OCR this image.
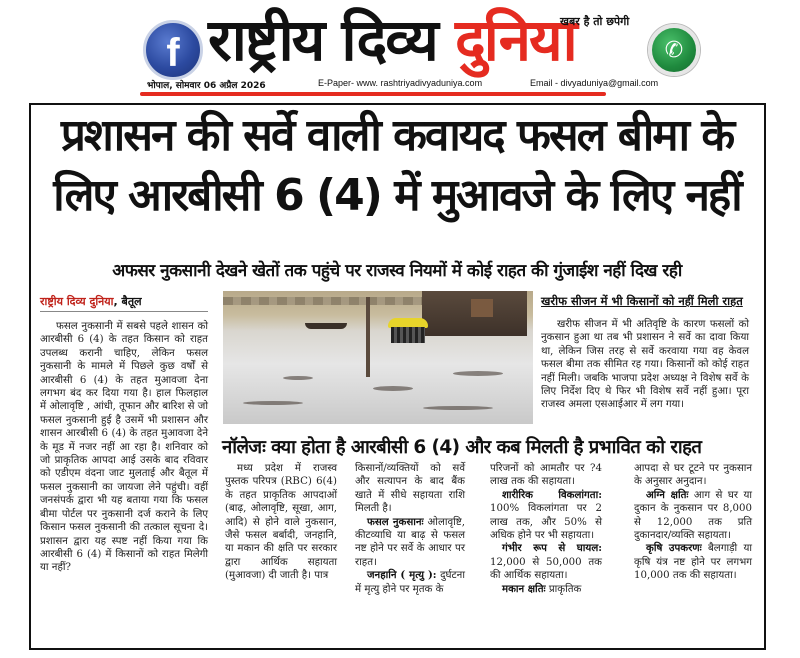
f राष्ट्रीय दिव्य दुनिया
खबर है तो छपेगी
✆
भोपाल, सोमवार 06 अप्रैल 2026	E-Paper- www. rashtriyadivyaduniya.com	Email - divyaduniya@gmail.com
प्रशासन की सर्वे वाली कवायद फसल बीमा के लिए आरबीसी 6 (4) में मुआवजे के लिए नहीं
अफसर नुकसानी देखने खेतों तक पहुंचे पर राजस्व नियमों में कोई राहत की गुंजाईश नहीं दिख रही
राष्ट्रीय दिव्य दुनिया, बैतूल
फसल नुकसानी में सबसे पहले शासन को आरबीसी 6 (4) के तहत किसान को राहत उपलब्ध करानी चाहिए, लेकिन फसल नुकसानी के मामले में पिछले कुछ वर्षों से आरबीसी 6 (4) के तहत मुआवजा देना लगभग बंद कर दिया गया है। हाल फिलहाल में ओलावृष्टि , आंधी, तूफान और बारिश से जो फसल नुकसानी हुई है उसमें भी प्रशासन और शासन आरबीसी 6 (4) के तहत मुआवजा देने के मूड में नजर नहीं आ रहा है। शनिवार को जो प्राकृतिक आपदा आई उसके बाद रविवार को एडीएम वंदना जाट मुलताई और बैतूल में फसल नुकसानी का जायजा लेने पहुंची। वहीं जनसंपर्क द्वारा भी यह बताया गया कि फसल बीमा पोर्टल पर नुकसानी दर्ज कराने के लिए किसान फसल नुकसानी की तत्काल सूचना दे। प्रशासन द्वारा यह स्पष्ट नहीं किया गया कि आरबीसी 6 (4) में किसानों को राहत मिलेगी या नहीं?
खरीफ सीजन में भी किसानों को नहीं मिली राहत
खरीफ सीजन में भी अतिवृष्टि के कारण फसलों को नुकसान हुआ था तब भी प्रशासन ने सर्वे का दावा किया था, लेकिन जिस तरह से सर्वे करवाया गया वह केवल फसल बीमा तक सीमित रह गया। किसानों को कोई राहत नहीं मिली। जबकि भाजपा प्रदेश अध्यक्ष ने विशेष सर्वे के लिए निर्देश दिए थे फिर भी विशेष सर्वे नहीं हुआ। पूरा राजस्व अमला एसआईआर में लग गया।
नॉलेजः क्या होता है आरबीसी 6 (4) और कब मिलती है प्रभावित को राहत
मध्य प्रदेश में राजस्व पुस्तक परिपत्र (RBC) 6(4) के तहत प्राकृतिक आपदाओं (बाढ़, ओलावृष्टि, सूखा, आग, आदि) से होने वाले नुकसान, जैसे फसल बर्बादी, जनहानि, या मकान की क्षति पर सरकार द्वारा आर्थिक सहायता (मुआवजा) दी जाती है। पात्र

किसानों/व्यक्तियों को सर्वे और सत्यापन के बाद बैंक खाते में सीधे सहायता राशि मिलती है।

फसल नुकसानः ओलावृष्टि, कीटव्याधि या बाढ़ से फसल नष्ट होने पर सर्वे के आधार पर राहत।

जनहानि ( मृत्यु ): दुर्घटना में मृत्यु होने पर मृतक के

परिजनों को आमतौर पर ?4 लाख तक की सहायता।

शारीरिक विकलांगता: 100% विकलांगता पर 2 लाख तक, और 50% से अधिक होने पर भी सहायता।

गंभीर रूप से घायल: 12,000 से 50,000 तक की आर्थिक सहायता।

मकान क्षतिः प्राकृतिक

आपदा से घर टूटने पर नुकसान के अनुसार अनुदान।

अग्नि क्षतिः आग से घर या दुकान के नुकसान पर 8,000 से 12,000 तक प्रति दुकानदार/व्यक्ति सहायता।

कृषि उपकरणः बैलगाड़ी या कृषि यंत्र नष्ट होने पर लगभग 10,000 तक की सहायता।
